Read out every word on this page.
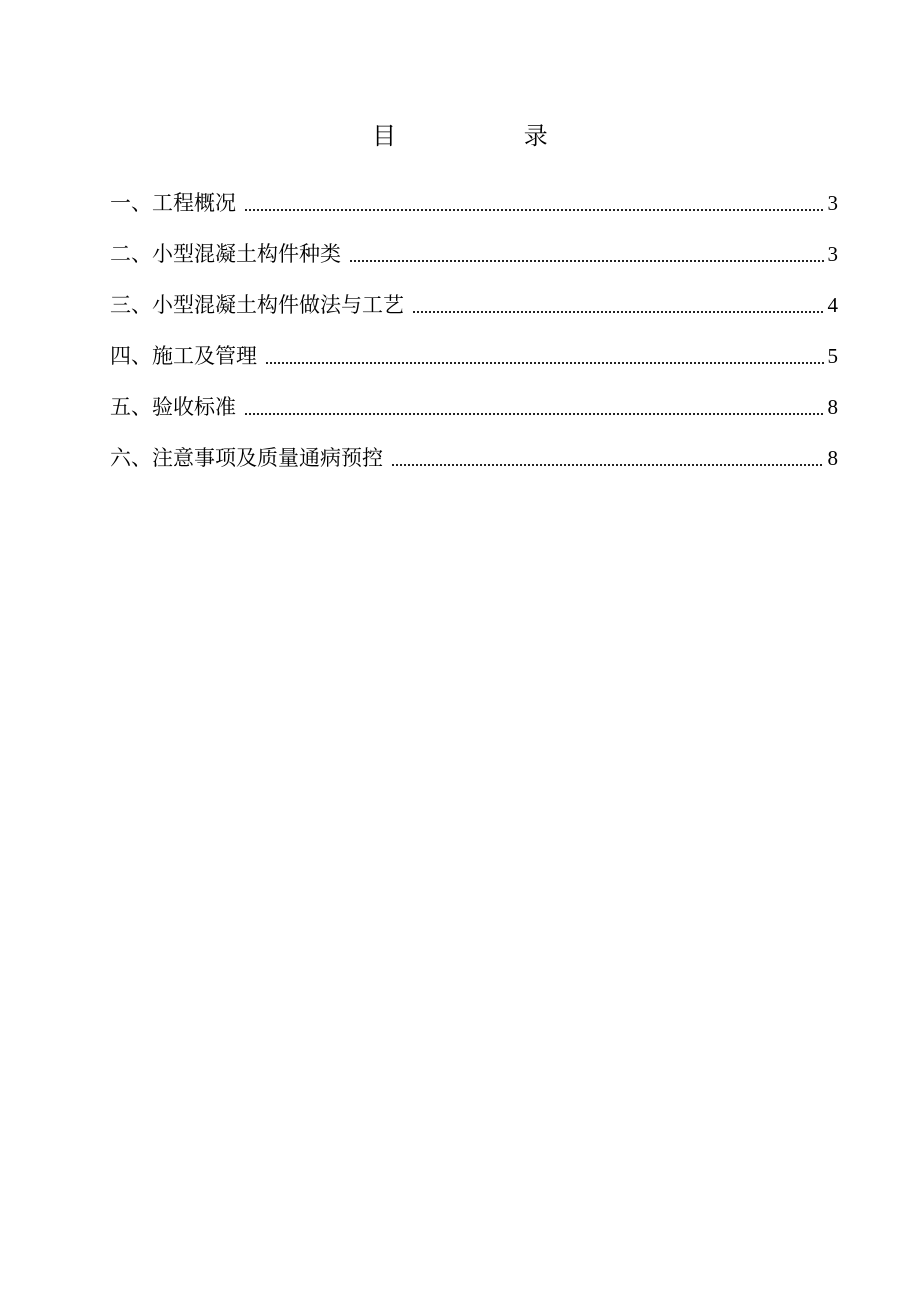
目 录
一、工程概况	3
二、小型混凝土构件种类	3
三、小型混凝土构件做法与工艺	4
四、施工及管理	5
五、验收标准	8
六、注意事项及质量通病预控	8
